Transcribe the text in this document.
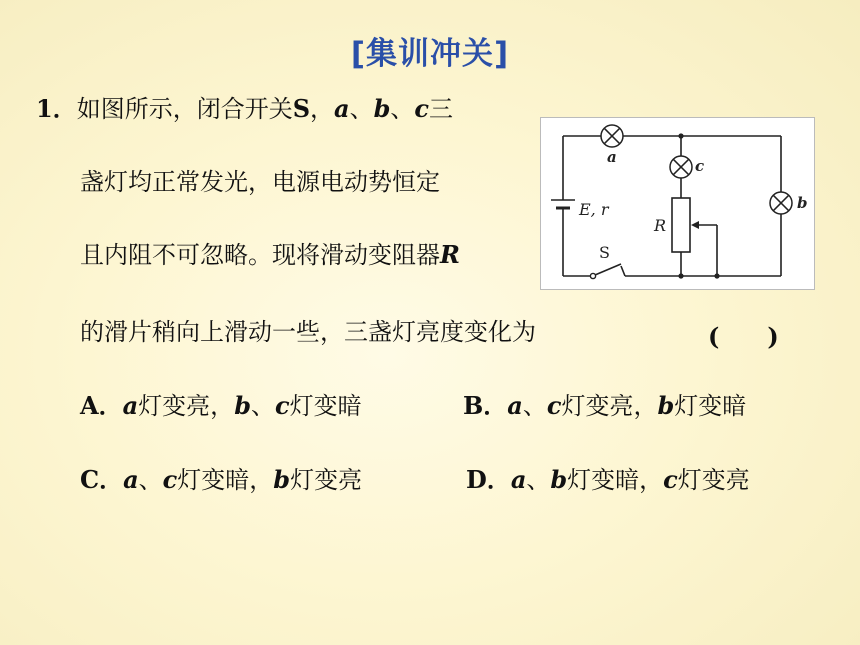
[集训冲关]
1．如图所示，闭合开关S，a、b、c三
盏灯均正常发光，电源电动势恒定
且内阻不可忽略。现将滑动变阻器R
的滑片稍向上滑动一些，三盏灯亮度变化为	(　　)
A．a灯变亮，b、c灯变暗	B．a、c灯变亮，b灯变暗
C．a、c灯变暗，b灯变亮	D．a、b灯变暗，c灯变亮
a	c
b
E, r
R
S
